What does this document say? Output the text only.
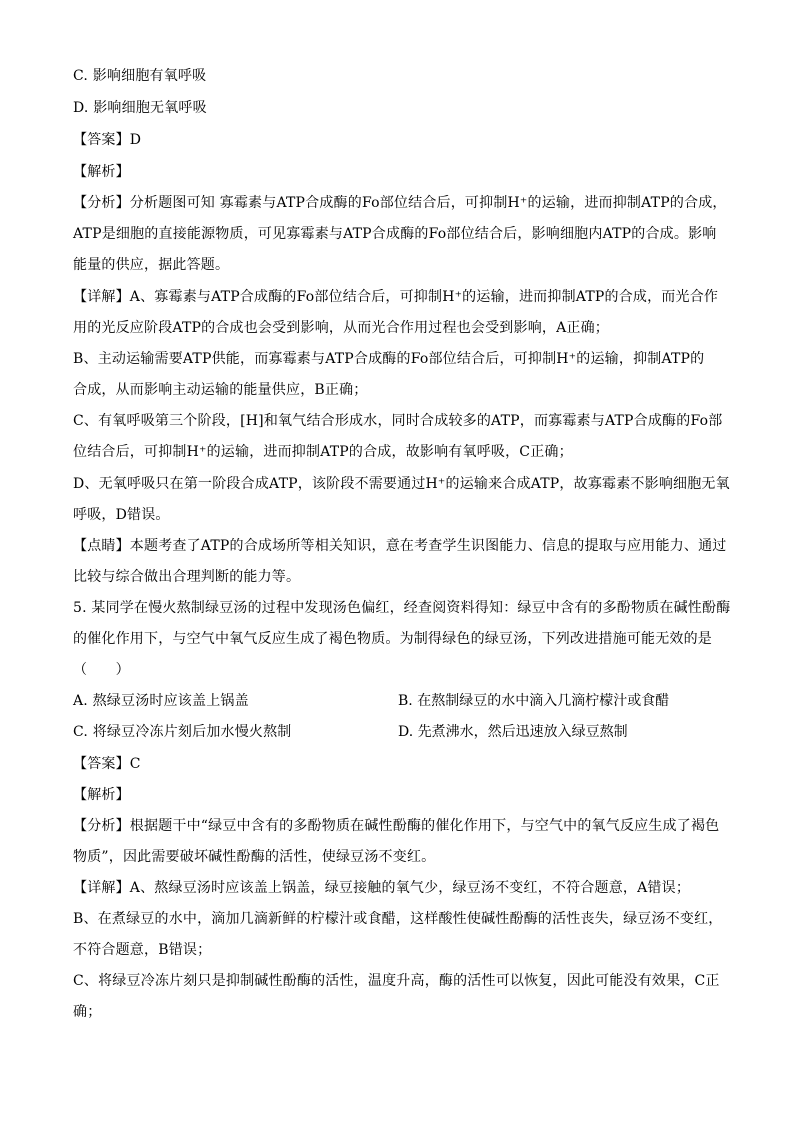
C. 影响细胞有氧呼吸
D. 影响细胞无氧呼吸
【答案】D
【解析】
【分析】分析题图可知 寡霉素与ATP合成酶的Fo部位结合后，可抑制H⁺的运输，进而抑制ATP的合成，
ATP是细胞的直接能源物质，可见寡霉素与ATP合成酶的Fo部位结合后，影响细胞内ATP的合成。影响
能量的供应，据此答题。
【详解】A、寡霉素与ATP合成酶的Fo部位结合后，可抑制H⁺的运输，进而抑制ATP的合成，而光合作
用的光反应阶段ATP的合成也会受到影响，从而光合作用过程也会受到影响，A正确；
B、主动运输需要ATP供能，而寡霉素与ATP合成酶的Fo部位结合后，可抑制H⁺的运输，抑制ATP的
合成，从而影响主动运输的能量供应，B正确；
C、有氧呼吸第三个阶段，[H]和氧气结合形成水，同时合成较多的ATP，而寡霉素与ATP合成酶的Fo部
位结合后，可抑制H⁺的运输，进而抑制ATP的合成，故影响有氧呼吸，C正确；
D、无氧呼吸只在第一阶段合成ATP，该阶段不需要通过H⁺的运输来合成ATP，故寡霉素不影响细胞无氧
呼吸，D错误。
【点睛】本题考查了ATP的合成场所等相关知识，意在考查学生识图能力、信息的提取与应用能力、通过
比较与综合做出合理判断的能力等。
5. 某同学在慢火熬制绿豆汤的过程中发现汤色偏红，经查阅资料得知：绿豆中含有的多酚物质在碱性酚酶
的催化作用下，与空气中氧气反应生成了褐色物质。为制得绿色的绿豆汤，下列改进措施可能无效的是
（　　）
A. 熬绿豆汤时应该盖上锅盖	B. 在熬制绿豆的水中滴入几滴柠檬汁或食醋
C. 将绿豆冷冻片刻后加水慢火熬制	D. 先煮沸水，然后迅速放入绿豆熬制
【答案】C
【解析】
【分析】根据题干中“绿豆中含有的多酚物质在碱性酚酶的催化作用下，与空气中的氧气反应生成了褐色
物质”，因此需要破坏碱性酚酶的活性，使绿豆汤不变红。
【详解】A、熬绿豆汤时应该盖上锅盖，绿豆接触的氧气少，绿豆汤不变红，不符合题意，A错误；
B、在煮绿豆的水中，滴加几滴新鲜的柠檬汁或食醋，这样酸性使碱性酚酶的活性丧失，绿豆汤不变红，
不符合题意，B错误；
C、将绿豆冷冻片刻只是抑制碱性酚酶的活性，温度升高，酶的活性可以恢复，因此可能没有效果，C正
确；
